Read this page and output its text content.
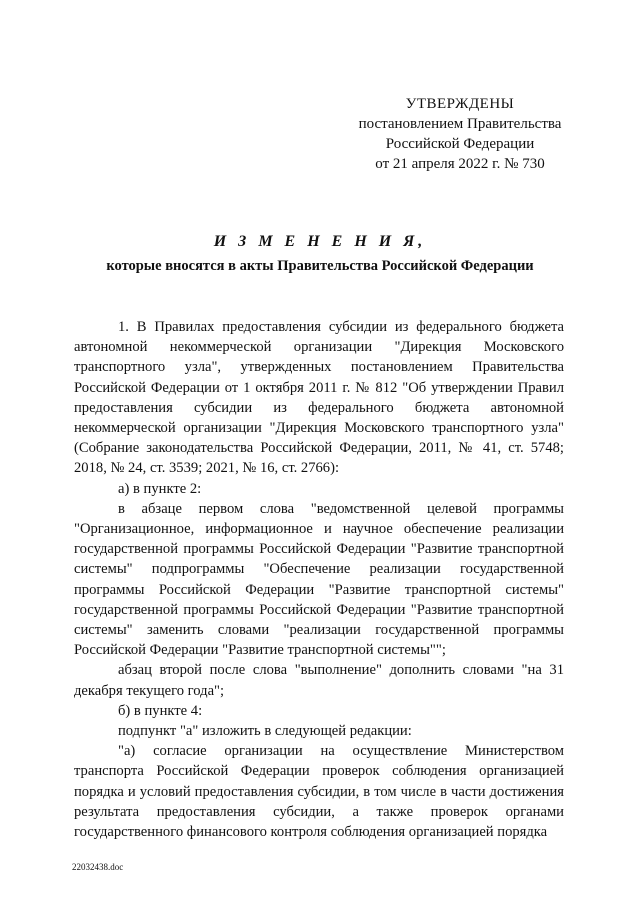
УТВЕРЖДЕНЫ
постановлением Правительства
Российской Федерации
от 21 апреля 2022 г. № 730
И З М Е Н Е Н И Я,
которые вносятся в акты Правительства Российской Федерации

1. В Правилах предоставления субсидии из федерального бюджета автономной некоммерческой организации "Дирекция Московского транспортного узла", утвержденных постановлением Правительства Российской Федерации от 1 октября 2011 г. № 812 "Об утверждении Правил предоставления субсидии из федерального бюджета автономной некоммерческой организации "Дирекция Московского транспортного узла" (Собрание законодательства Российской Федерации, 2011, № 41, ст. 5748; 2018, № 24, ст. 3539; 2021, № 16, ст. 2766):

а) в пункте 2:

в абзаце первом слова "ведомственной целевой программы "Организационное, информационное и научное обеспечение реализации государственной программы Российской Федерации "Развитие транспортной системы" подпрограммы "Обеспечение реализации государственной программы Российской Федерации "Развитие транспортной системы" государственной программы Российской Федерации "Развитие транспортной системы" заменить словами "реализации государственной программы Российской Федерации "Развитие транспортной системы"";

абзац второй после слова "выполнение" дополнить словами "на 31 декабря текущего года";

б) в пункте 4:

подпункт "а" изложить в следующей редакции:

"а) согласие организации на осуществление Министерством транспорта Российской Федерации проверок соблюдения организацией порядка и условий предоставления субсидии, в том числе в части достижения результата предоставления субсидии, а также проверок органами государственного финансового контроля соблюдения организацией порядка

22032438.doc
